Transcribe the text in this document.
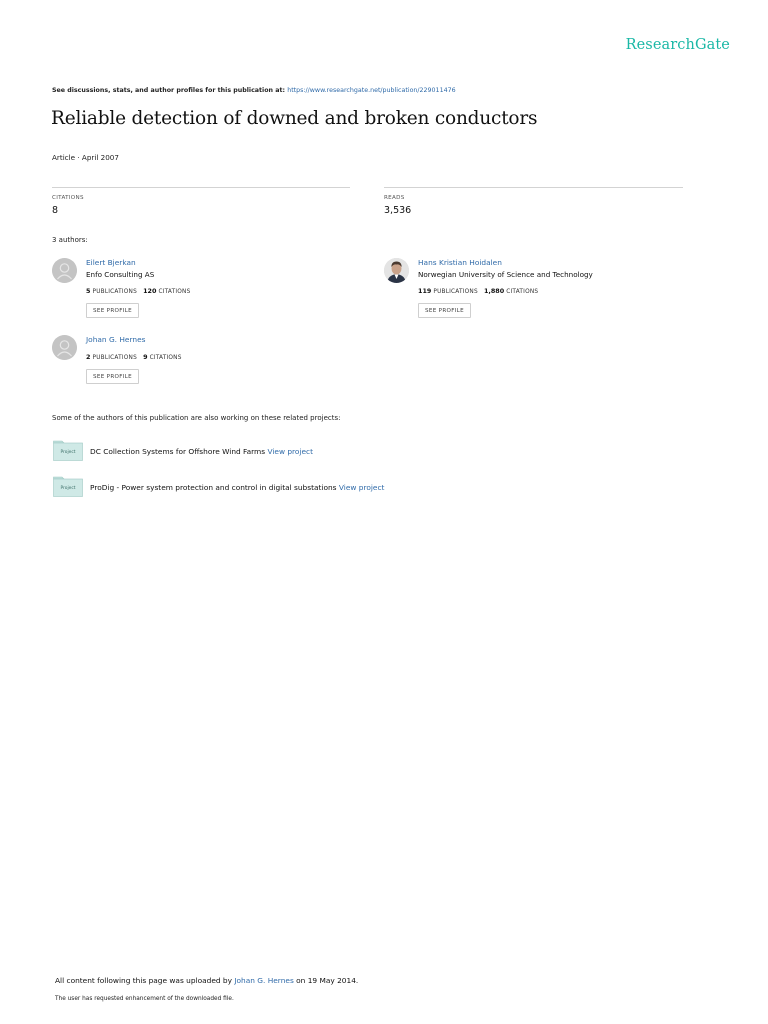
ResearchGate
See discussions, stats, and author profiles for this publication at: https://www.researchgate.net/publication/229011476
Reliable detection of downed and broken conductors
Article · April 2007
CITATIONS
8
READS
3,536
3 authors:
Eilert Bjerkan
Enfo Consulting AS
5 PUBLICATIONS 120 CITATIONS
SEE PROFILE
Hans Kristian Hoidalen
Norwegian University of Science and Technology
119 PUBLICATIONS 1,880 CITATIONS
SEE PROFILE
Johan G. Hernes
2 PUBLICATIONS 9 CITATIONS
SEE PROFILE
Some of the authors of this publication are also working on these related projects:
Project	DC Collection Systems for Offshore Wind Farms View project
Project	ProDig - Power system protection and control in digital substations View project
All content following this page was uploaded by Johan G. Hernes on 19 May 2014.
The user has requested enhancement of the downloaded file.
